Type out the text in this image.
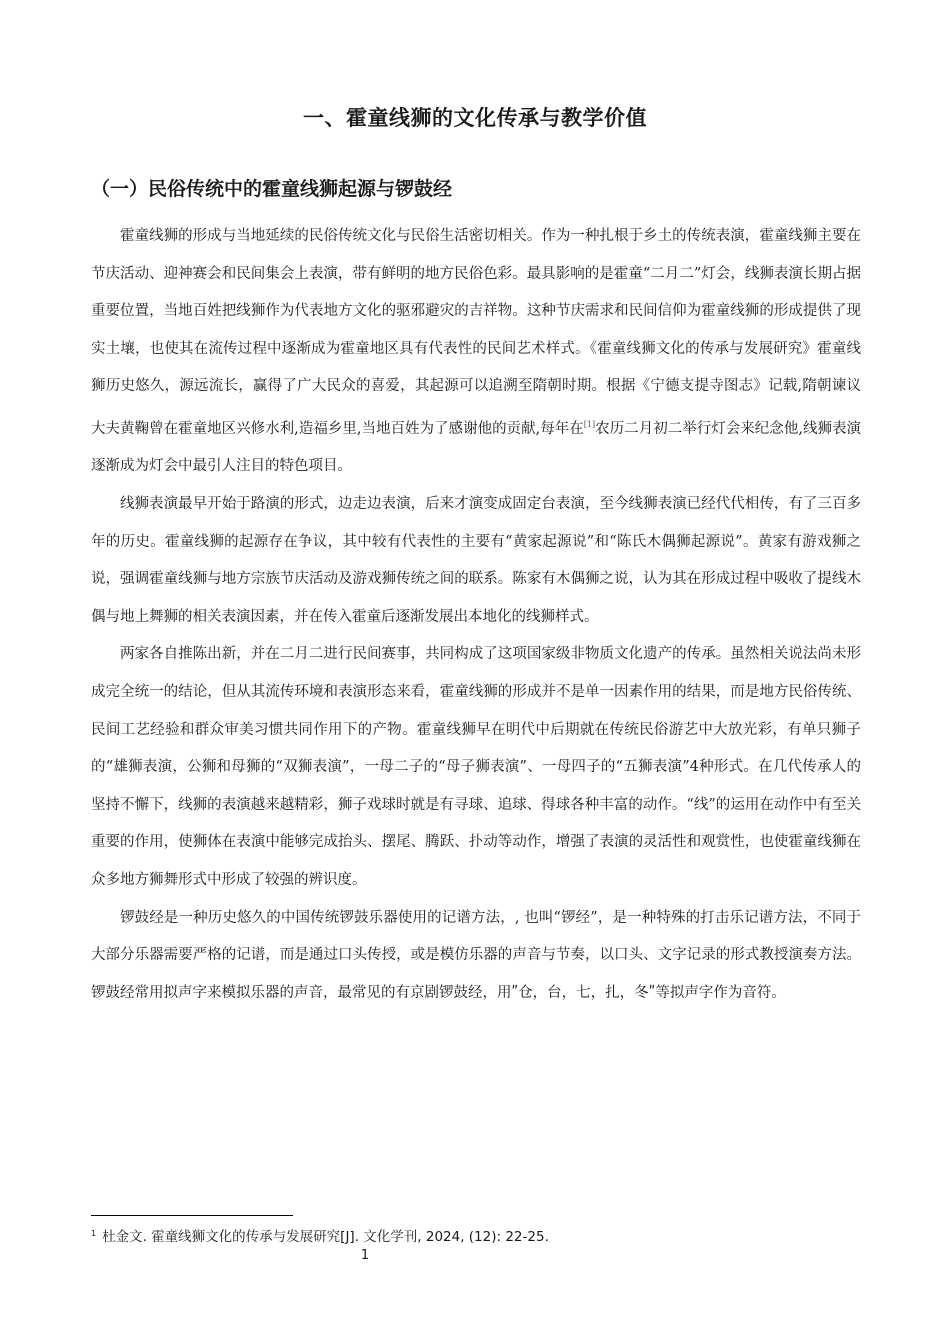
一、霍童线狮的文化传承与教学价值
（一）民俗传统中的霍童线狮起源与锣鼓经

霍童线狮的形成与当地延续的民俗传统文化与民俗生活密切相关。作为一种扎根于乡土的传统表演，霍童线狮主要在节庆活动、迎神赛会和民间集会上表演，带有鲜明的地方民俗色彩。最具影响的是霍童“二月二”灯会，线狮表演长期占据重要位置，当地百姓把线狮作为代表地方文化的驱邪避灾的吉祥物。这种节庆需求和民间信仰为霍童线狮的形成提供了现实土壤，也使其在流传过程中逐渐成为霍童地区具有代表性的民间艺术样式。《霍童线狮文化的传承与发展研究》霍童线狮历史悠久，源远流长，赢得了广大民众的喜爱，其起源可以追溯至隋朝时期。根据《宁德支提寺图志》记载,隋朝谏议大夫黄鞠曾在霍童地区兴修水利,造福乡里,当地百姓为了感谢他的贡献,每年在[1]农历二月初二举行灯会来纪念他,线狮表演逐渐成为灯会中最引人注目的特色项目。

线狮表演最早开始于路演的形式，边走边表演，后来才演变成固定台表演，至今线狮表演已经代代相传，有了三百多年的历史。霍童线狮的起源存在争议，其中较有代表性的主要有“黄家起源说”和“陈氏木偶狮起源说”。黄家有游戏狮之说，强调霍童线狮与地方宗族节庆活动及游戏狮传统之间的联系。陈家有木偶狮之说，认为其在形成过程中吸收了提线木偶与地上舞狮的相关表演因素，并在传入霍童后逐渐发展出本地化的线狮样式。

两家各自推陈出新，并在二月二进行民间赛事，共同构成了这项国家级非物质文化遗产的传承。虽然相关说法尚未形成完全统一的结论，但从其流传环境和表演形态来看，霍童线狮的形成并不是单一因素作用的结果，而是地方民俗传统、民间工艺经验和群众审美习惯共同作用下的产物。霍童线狮早在明代中后期就在传统民俗游艺中大放光彩，有单只狮子的“雄狮表演，公狮和母狮的“双狮表演”，一母二子的“母子狮表演”、一母四子的“五狮表演”4种形式。在几代传承人的坚持不懈下，线狮的表演越来越精彩，狮子戏球时就是有寻球、追球、得球各种丰富的动作。“线”的运用在动作中有至关重要的作用，使狮体在表演中能够完成抬头、摆尾、腾跃、扑动等动作，增强了表演的灵活性和观赏性，也使霍童线狮在众多地方狮舞形式中形成了较强的辨识度。

锣鼓经是一种历史悠久的中国传统锣鼓乐器使用的记谱方法，, 也叫“锣经”，是一种特殊的打击乐记谱方法，不同于大部分乐器需要严格的记谱，而是通过口头传授，或是模仿乐器的声音与节奏，以口头、文字记录的形式教授演奏方法。锣鼓经常用拟声字来模拟乐器的声音，最常见的有京剧锣鼓经，用ʺ仓，台，七，扎，冬ʺ等拟声字作为音符。

$^1$ 杜金文. 霍童线狮文化的传承与发展研究[J]. 文化学刊, 2024, (12): 22-25.
1
